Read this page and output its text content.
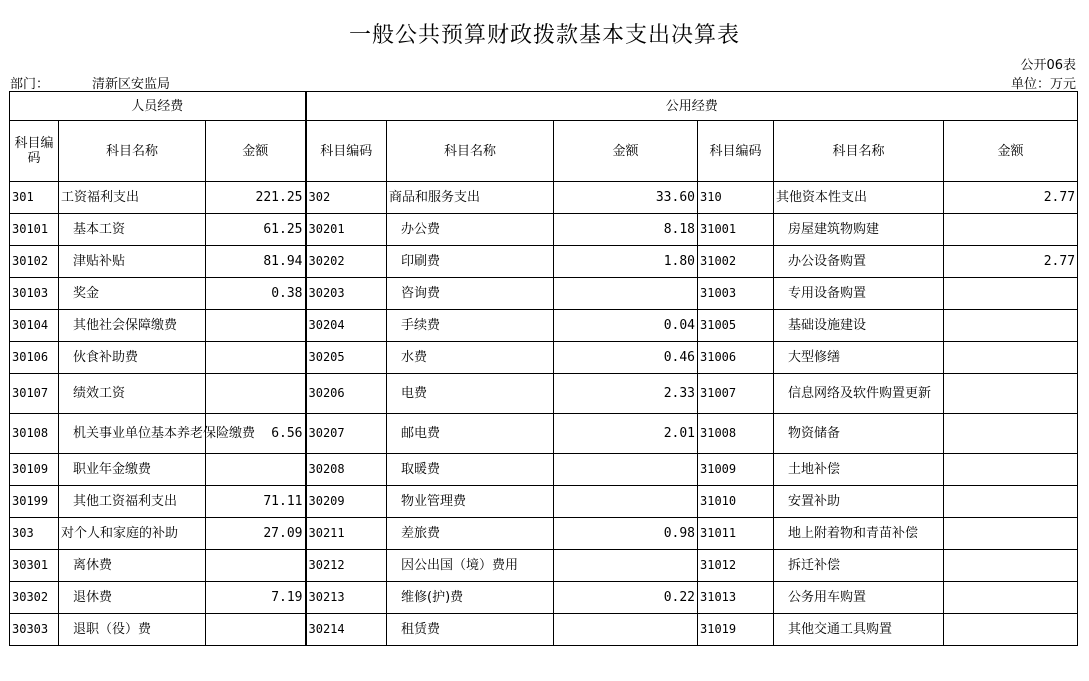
一般公共预算财政拨款基本支出决算表
公开06表
部门：	清新区安监局	单位：万元
人员经费			公用经费					
科目编码	科目名称	金额	科目编码	科目名称	金额	科目编码	科目名称	金额
301	工资福利支出	221.25	302	商品和服务支出	33.60	310	其他资本性支出	2.77
30101	基本工资	61.25	30201	办公费	8.18	31001	房屋建筑物购建	
30102	津贴补贴	81.94	30202	印刷费	1.80	31002	办公设备购置	2.77
30103	奖金	0.38	30203	咨询费		31003	专用设备购置	
30104	其他社会保障缴费		30204	手续费	0.04	31005	基础设施建设	
30106	伙食补助费		30205	水费	0.46	31006	大型修缮	
30107	绩效工资		30206	电费	2.33	31007	信息网络及软件购置更新	
30108	机关事业单位基本养老保险缴费	6.56	30207	邮电费	2.01	31008	物资储备	
30109	职业年金缴费		30208	取暖费		31009	土地补偿	
30199	其他工资福利支出	71.11	30209	物业管理费		31010	安置补助	
303	对个人和家庭的补助	27.09	30211	差旅费	0.98	31011	地上附着物和青苗补偿	
30301	离休费		30212	因公出国（境）费用		31012	拆迁补偿	
30302	退休费	7.19	30213	维修(护)费	0.22	31013	公务用车购置	
30303	退职（役）费		30214	租赁费		31019	其他交通工具购置	
